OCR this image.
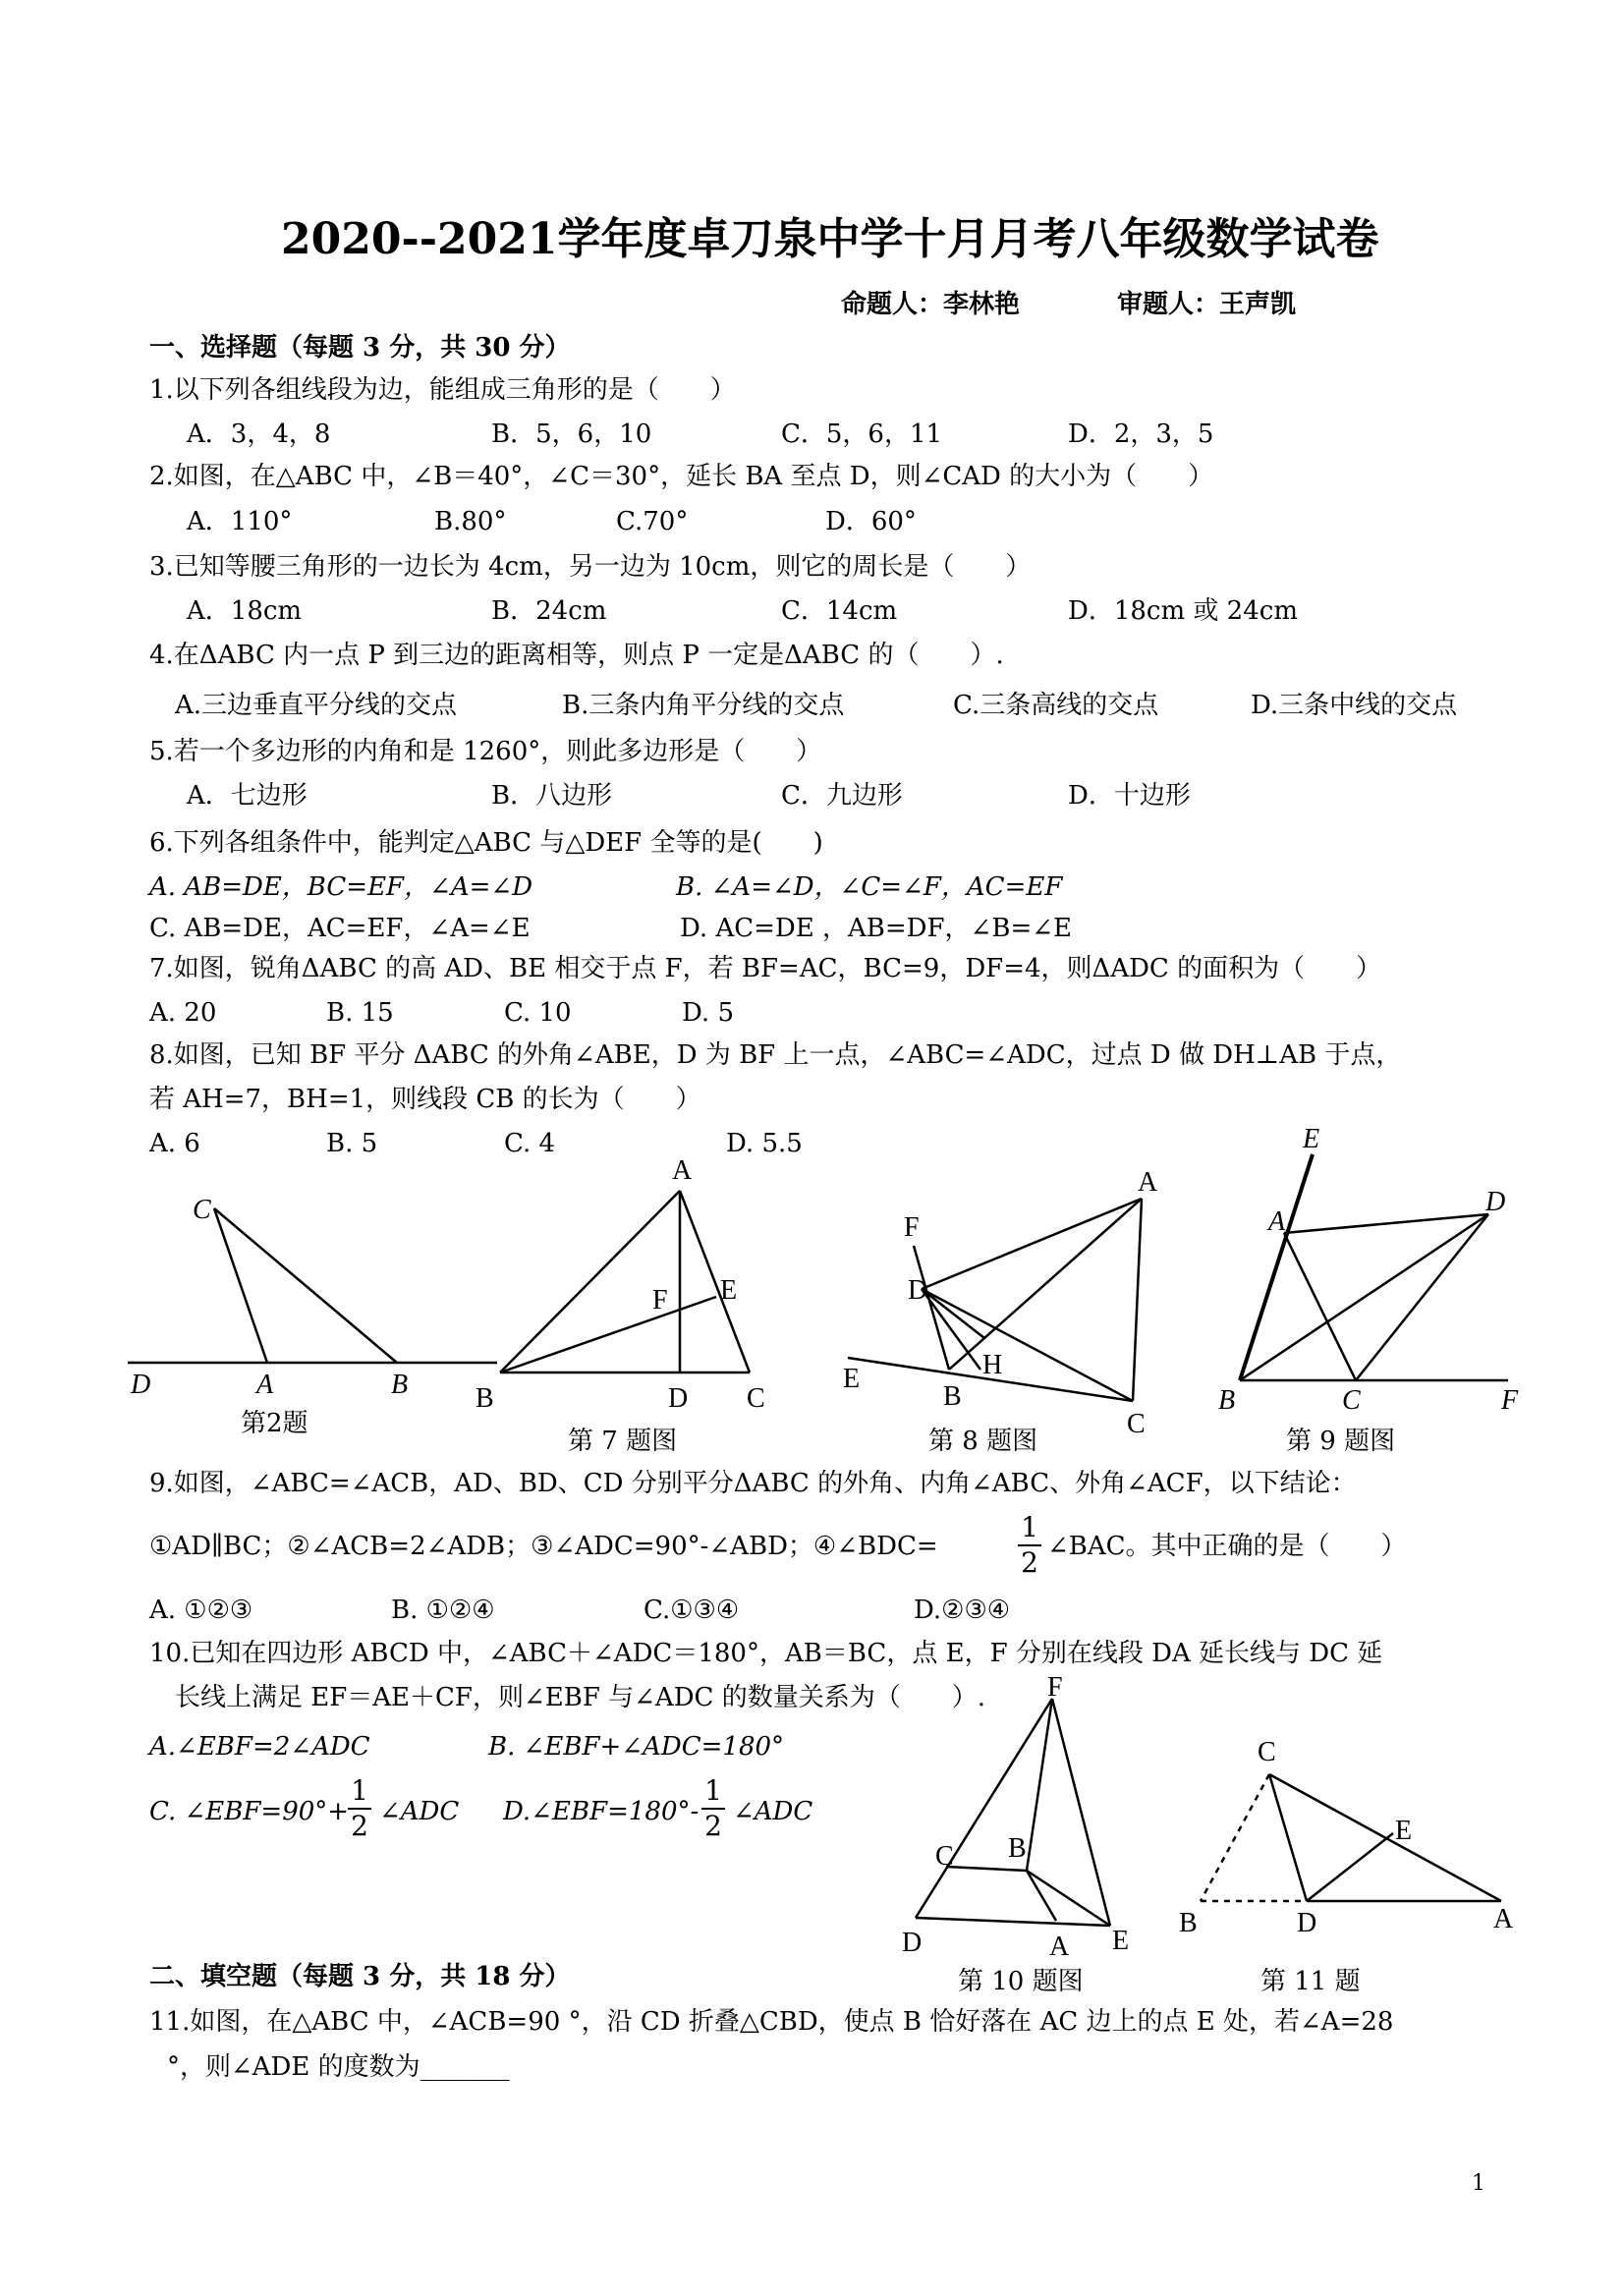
2020--2021学年度卓刀泉中学十月月考八年级数学试卷
命题人：李林艳	审题人：王声凯
一、选择题（每题 3 分，共 30 分）
1.以下列各组线段为边，能组成三角形的是（　　）
A．3，4，8	B．5，6，10	C．5，6，11	D．2，3，5
2.如图，在△ABC 中，∠B＝40°，∠C＝30°，延长 BA 至点 D，则∠CAD 的大小为（　　）
A．110°	B.80°	C.70°	D．60°
3.已知等腰三角形的一边长为 4cm，另一边为 10cm，则它的周长是（　　）
A．18cm	B．24cm	C．14cm	D．18cm 或 24cm
4.在ΔABC 内一点 P 到三边的距离相等，则点 P 一定是ΔABC 的（　　）.
A.三边垂直平分线的交点	B.三条内角平分线的交点	C.三条高线的交点	D.三条中线的交点
5.若一个多边形的内角和是 1260°，则此多边形是（　　）
A．七边形	B．八边形	C．九边形	D．十边形
6.下列各组条件中，能判定△ABC 与△DEF 全等的是(　　)
A. AB=DE，BC=EF，∠A=∠D	B. ∠A=∠D，∠C=∠F，AC=EF
C. AB=DE，AC=EF，∠A=∠E	D. AC=DE ，AB=DF，∠B=∠E
7.如图，锐角ΔABC 的高 AD、BE 相交于点 F，若 BF=AC，BC=9，DF=4，则ΔADC 的面积为（　　）
A. 20	B. 15	C. 10	D. 5
8.如图，已知 BF 平分 ΔABC 的外角∠ABE，D 为 BF 上一点，∠ABC=∠ADC，过点 D 做 DH⊥AB 于点，
若 AH=7，BH=1，则线段 CB 的长为（　　）
A. 6	B. 5	C. 4	D. 5.5
C
D	A	B
第2题
A
F E
B	D C
第 7 题图
A
F
D
H
E
B
C
第 8 题图
E
A
D
B	C	F
第 9 题图
9.如图，∠ABC=∠ACB，AD、BD、CD 分别平分ΔABC 的外角、内角∠ABC、外角∠ACF，以下结论：
①AD∥BC；②∠ACB=2∠ADB；③∠ADC=90°-∠ABD；④∠BDC=	$\frac{1}{2}$ ∠BAC。其中正确的是（　　）
A. ①②③	B. ①②④	C.①③④	D.②③④
10.已知在四边形 ABCD 中，∠ABC＋∠ADC＝180°，AB＝BC，点 E，F 分别在线段 DA 延长线与 DC 延
长线上满足 EF＝AE＋CF，则∠EBF 与∠ADC 的数量关系为（　　）.
A.∠EBF=2∠ADC	B. ∠EBF+∠ADC=180°
C. ∠EBF=90°+
$\frac{1}{2}$ ∠ADC D.∠EBF=180°- $\frac{1}{2}$ ∠ADC
F
C B
D	A E
第 10 题图
C
E
B	D	A
第 11 题
二、填空题（每题 3 分，共 18 分）
11.如图，在△ABC 中，∠ACB=90 °，沿 CD 折叠△CBD，使点 B 恰好落在 AC 边上的点 E 处，若∠A=28
°，则∠ADE 的度数为_______
1
